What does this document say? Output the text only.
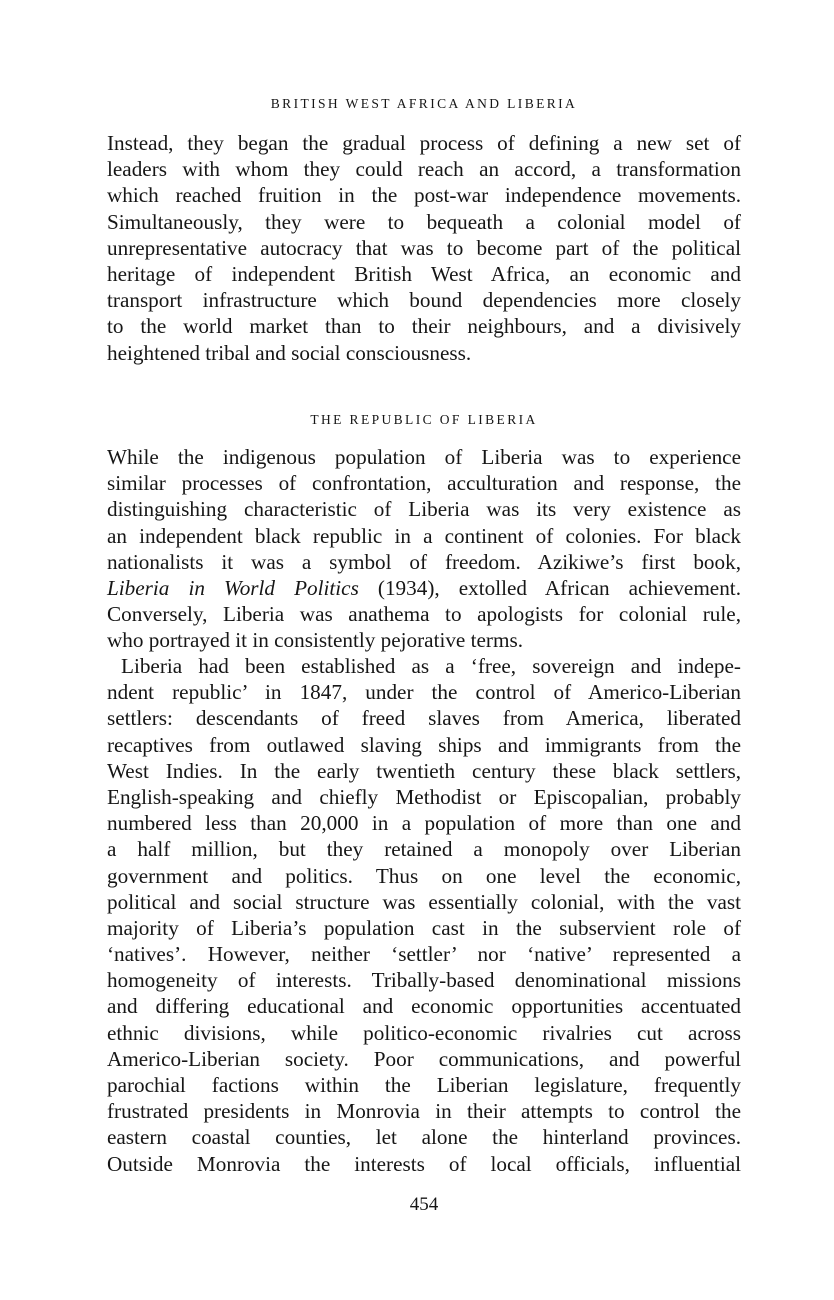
BRITISH WEST AFRICA AND LIBERIA
Instead, they began the gradual process of defining a new set of
leaders with whom they could reach an accord, a transformation
which reached fruition in the post-war independence movements.
Simultaneously, they were to bequeath a colonial model of
unrepresentative autocracy that was to become part of the political
heritage of independent British West Africa, an economic and
transport infrastructure which bound dependencies more closely
to the world market than to their neighbours, and a divisively
heightened tribal and social consciousness.
THE REPUBLIC OF LIBERIA
While the indigenous population of Liberia was to experience
similar processes of confrontation, acculturation and response, the
distinguishing characteristic of Liberia was its very existence as
an independent black republic in a continent of colonies. For black
nationalists it was a symbol of freedom. Azikiwe’s first book,
Liberia in World Politics (1934), extolled African achievement.
Conversely, Liberia was anathema to apologists for colonial rule,
who portrayed it in consistently pejorative terms.
Liberia had been established as a ‘free, sovereign and indepe-
ndent republic’ in 1847, under the control of Americo-Liberian
settlers: descendants of freed slaves from America, liberated
recaptives from outlawed slaving ships and immigrants from the
West Indies. In the early twentieth century these black settlers,
English-speaking and chiefly Methodist or Episcopalian, probably
numbered less than 20,000 in a population of more than one and
a half million, but they retained a monopoly over Liberian
government and politics. Thus on one level the economic,
political and social structure was essentially colonial, with the vast
majority of Liberia’s population cast in the subservient role of
‘natives’. However, neither ‘settler’ nor ‘native’ represented a
homogeneity of interests. Tribally-based denominational missions
and differing educational and economic opportunities accentuated
ethnic divisions, while politico-economic rivalries cut across
Americo-Liberian society. Poor communications, and powerful
parochial factions within the Liberian legislature, frequently
frustrated presidents in Monrovia in their attempts to control the
eastern coastal counties, let alone the hinterland provinces.
Outside Monrovia the interests of local officials, influential
454
